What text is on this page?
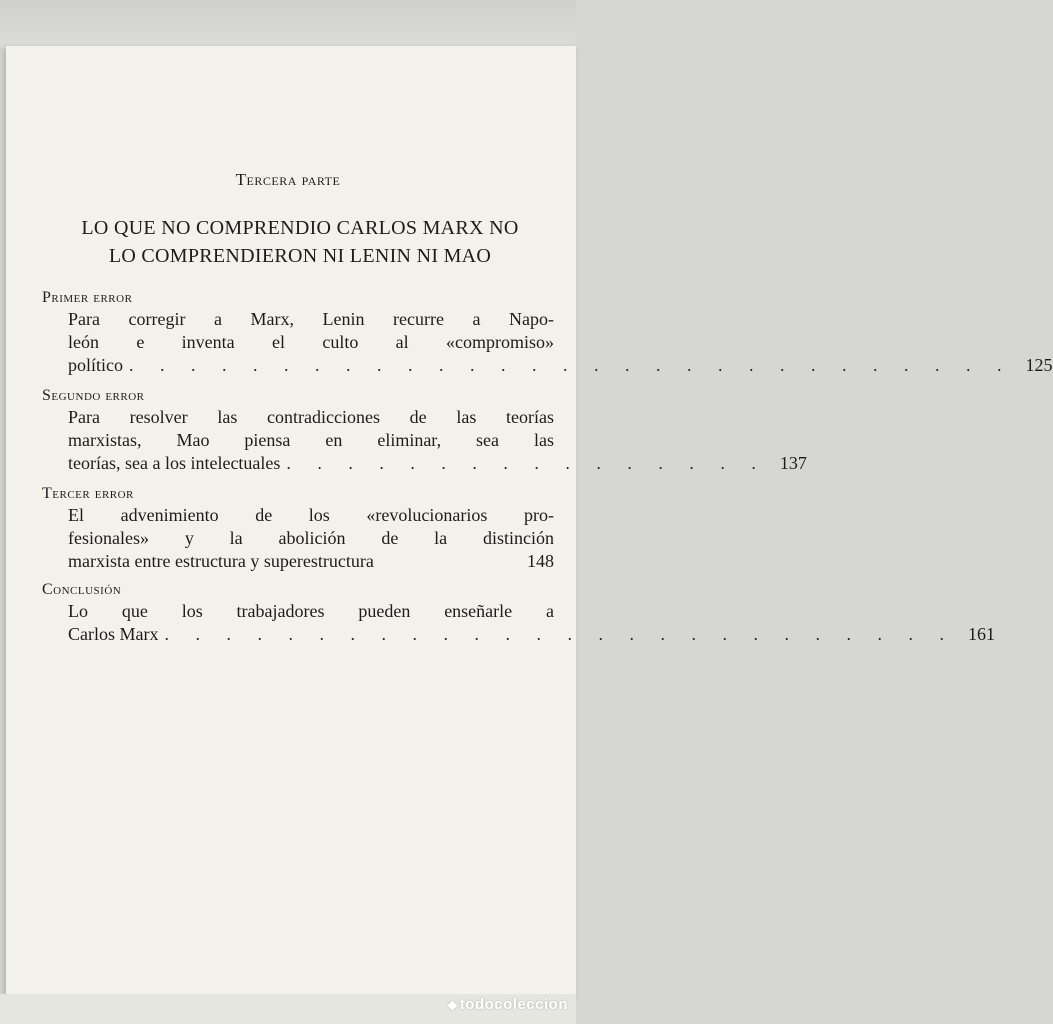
Tercera parte
LO QUE NO COMPRENDIO CARLOS MARX NO
LO COMPRENDIERON NI LENIN NI MAO
Primer error
Para corregir a Marx, Lenin recurre a Napo-
león e inventa el culto al «compromiso»
político . . . . . . . . . . . . . . . . . . . . . . . . . . . . . 125
Segundo error
Para resolver las contradicciones de las teorías
marxistas, Mao piensa en eliminar, sea las
teorías, sea a los intelectuales . . . . . . . . . . . . . . . . 137
Tercer error
El advenimiento de los «revolucionarios pro-
fesionales» y la abolición de la distinción
marxista entre estructura y superestructura	148
Conclusión
Lo que los trabajadores pueden enseñarle a
Carlos Marx . . . . . . . . . . . . . . . . . . . . . . . . . . 161
◆ todocoleccion
